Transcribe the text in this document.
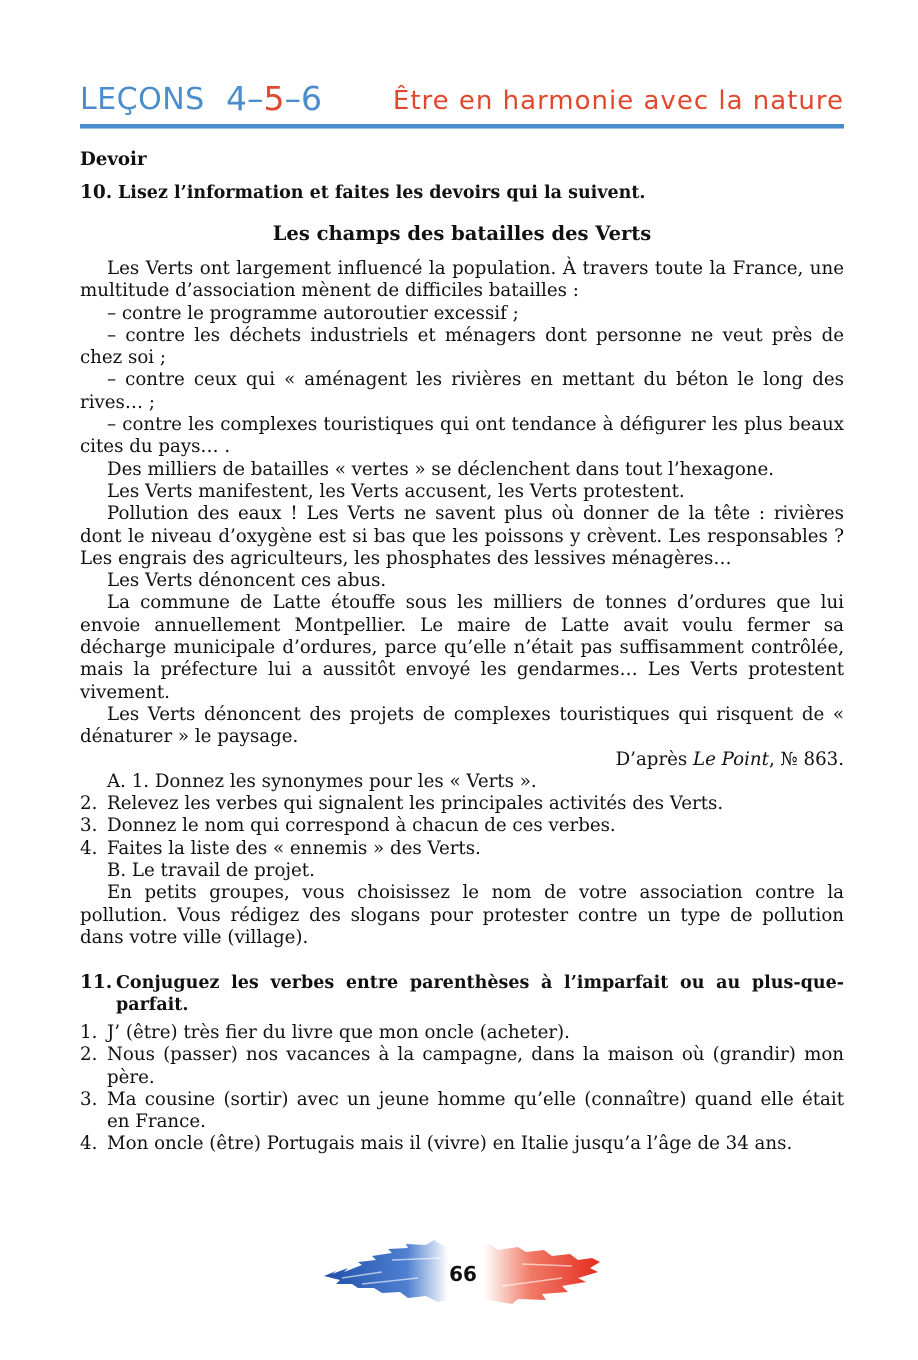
LEÇONS 4–5–6	Être en harmonie avec la nature
Devoir
10. Lisez l’information et faites les devoirs qui la suivent.
Les champs des batailles des Verts

Les Verts ont largement influencé la population. À travers toute la France, une multitude d’association mènent de difficiles batailles :

– contre le programme autoroutier excessif ;

– contre les déchets industriels et ménagers dont personne ne veut près de chez soi ;

– contre ceux qui « aménagent les rivières en mettant du béton le long des rives… ;

– contre les complexes touristiques qui ont tendance à défigurer les plus beaux cites du pays… .

Des milliers de batailles « vertes » se déclenchent dans tout l’hexagone.

Les Verts manifestent, les Verts accusent, les Verts protestent.

Pollution des eaux ! Les Verts ne savent plus où donner de la tête : rivières dont le niveau d’oxygène est si bas que les poissons y crèvent. Les responsables ? Les engrais des agriculteurs, les phosphates des lessives ménagères…

Les Verts dénoncent ces abus.

La commune de Latte étouffe sous les milliers de tonnes d’ordures que lui envoie annuellement Montpellier. Le maire de Latte avait voulu fermer sa décharge municipale d’ordures, parce qu’elle n’était pas suffisamment contrôlée, mais la préfecture lui a aussitôt envoyé les gendarmes… Les Verts protestent vivement.

Les Verts dénoncent des projets de complexes touristiques qui risquent de « dénaturer » le paysage.

D’après Le Point, № 863.

A. 1. Donnez les synonymes pour les « Verts ».

2. Relevez les verbes qui signalent les principales activités des Verts.
3. Donnez le nom qui correspond à chacun de ces verbes.
4. Faites la liste des « ennemis » des Verts.

B. Le travail de projet.

En petits groupes, vous choisissez le nom de votre association contre la pollution. Vous rédigez des slogans pour protester contre un type de pollution dans votre ville (village).

11. Conjuguez les verbes entre parenthèses à l’imparfait ou au plus-que-parfait.
1. J’ (être) très fier du livre que mon oncle (acheter).
2. Nous (passer) nos vacances à la campagne, dans la maison où (grandir) mon père.
3. Ma cousine (sortir) avec un jeune homme qu’elle (connaître) quand elle était en France.
4. Mon oncle (être) Portugais mais il (vivre) en Italie jusqu’a l’âge de 34 ans.
66
